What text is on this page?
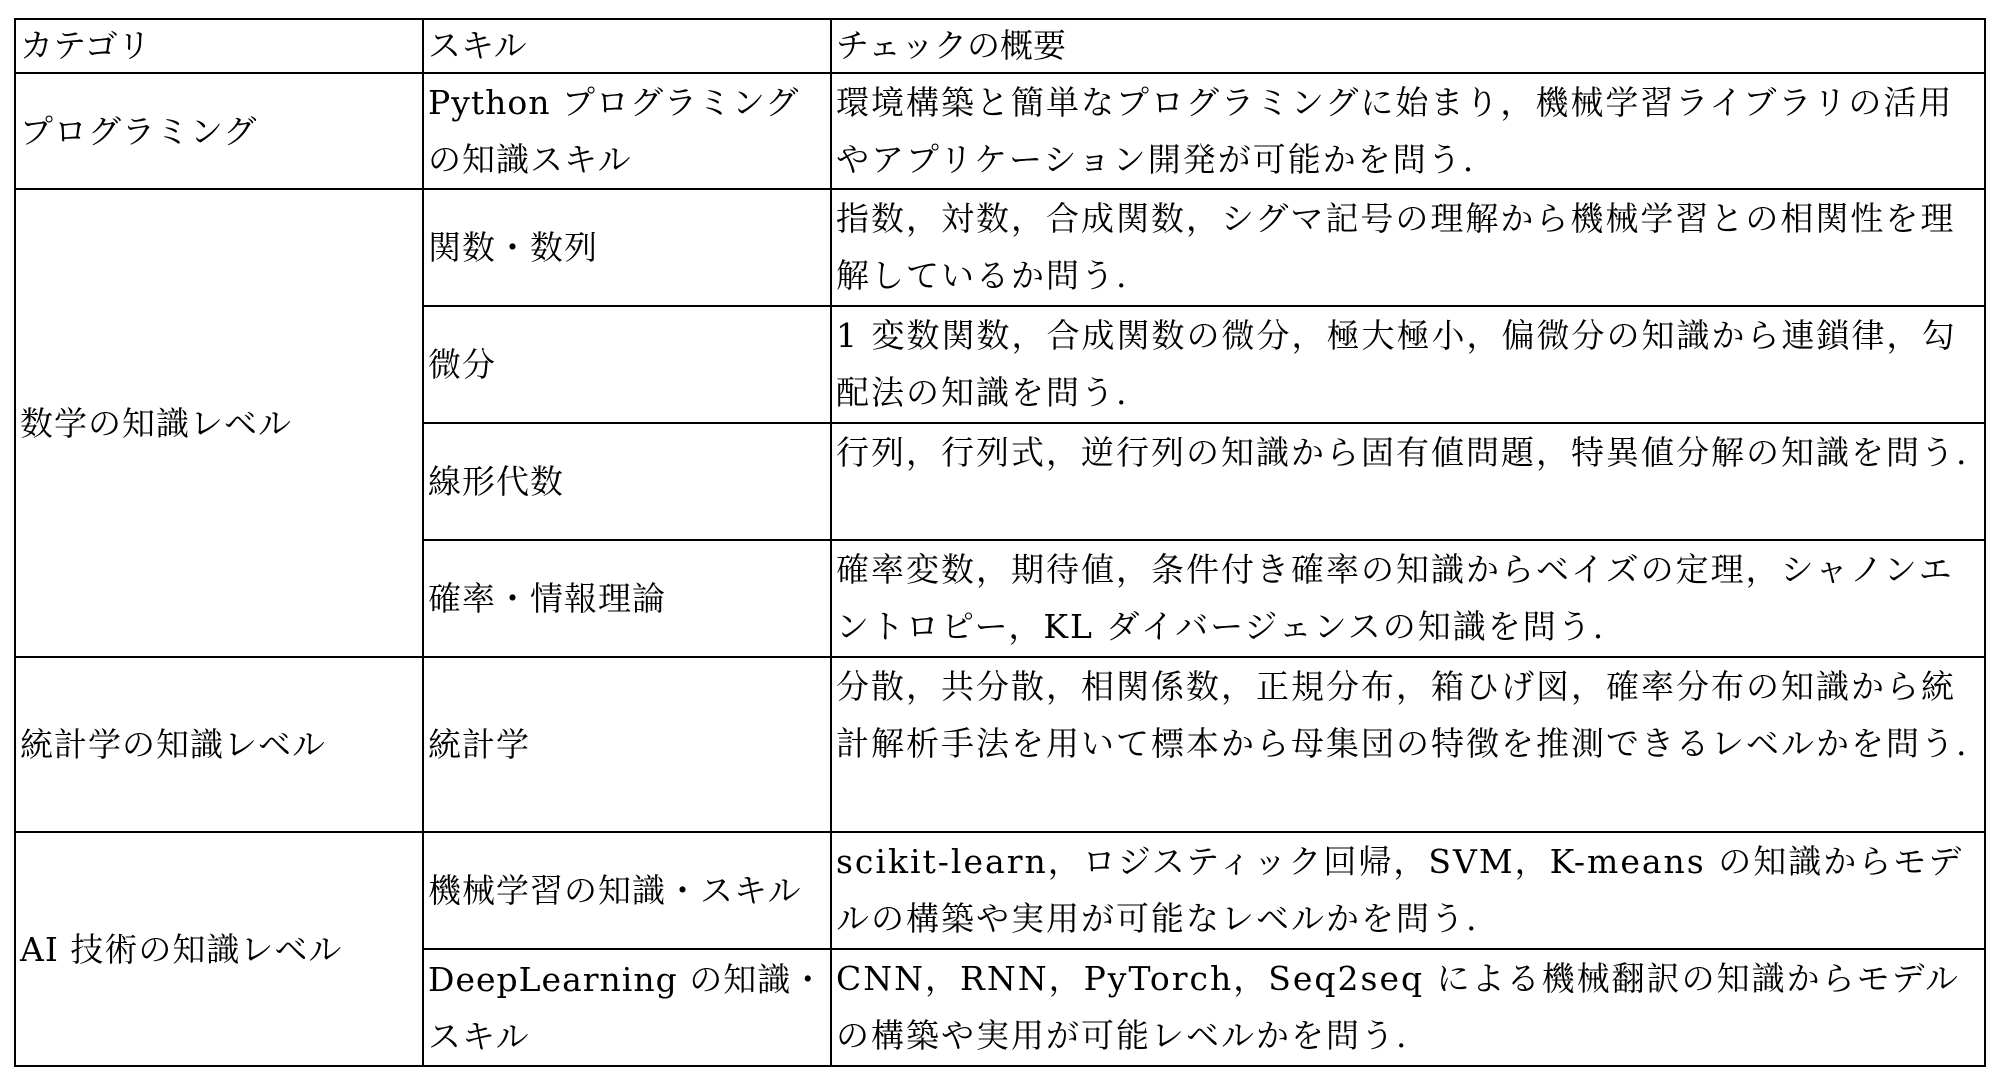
カテゴリ	スキル	チェックの概要
プログラミング	Python プログラミングの知識スキル	環境構築と簡単なプログラミングに始まり，機械学習ライブラリの活用やアプリケーション開発が可能かを問う.
数学の知識レベル	関数・数列	指数，対数，合成関数，シグマ記号の理解から機械学習との相関性を理解しているか問う.
	微分	1 変数関数，合成関数の微分，極大極小，偏微分の知識から連鎖律，勾配法の知識を問う.
	線形代数	行列，行列式，逆行列の知識から固有値問題，特異値分解の知識を問う.
	確率・情報理論	確率変数，期待値，条件付き確率の知識からベイズの定理，シャノンエントロピー，KL ダイバージェンスの知識を問う.
統計学の知識レベル	統計学	分散，共分散，相関係数，正規分布，箱ひげ図，確率分布の知識から統計解析手法を用いて標本から母集団の特徴を推測できるレベルかを問う.
AI 技術の知識レベル	機械学習の知識・スキル	scikit-learn，ロジスティック回帰，SVM，K-means の知識からモデルの構築や実用が可能なレベルかを問う.
	DeepLearning の知識・スキル	CNN，RNN，PyTorch，Seq2seq による機械翻訳の知識からモデルの構築や実用が可能レベルかを問う.
